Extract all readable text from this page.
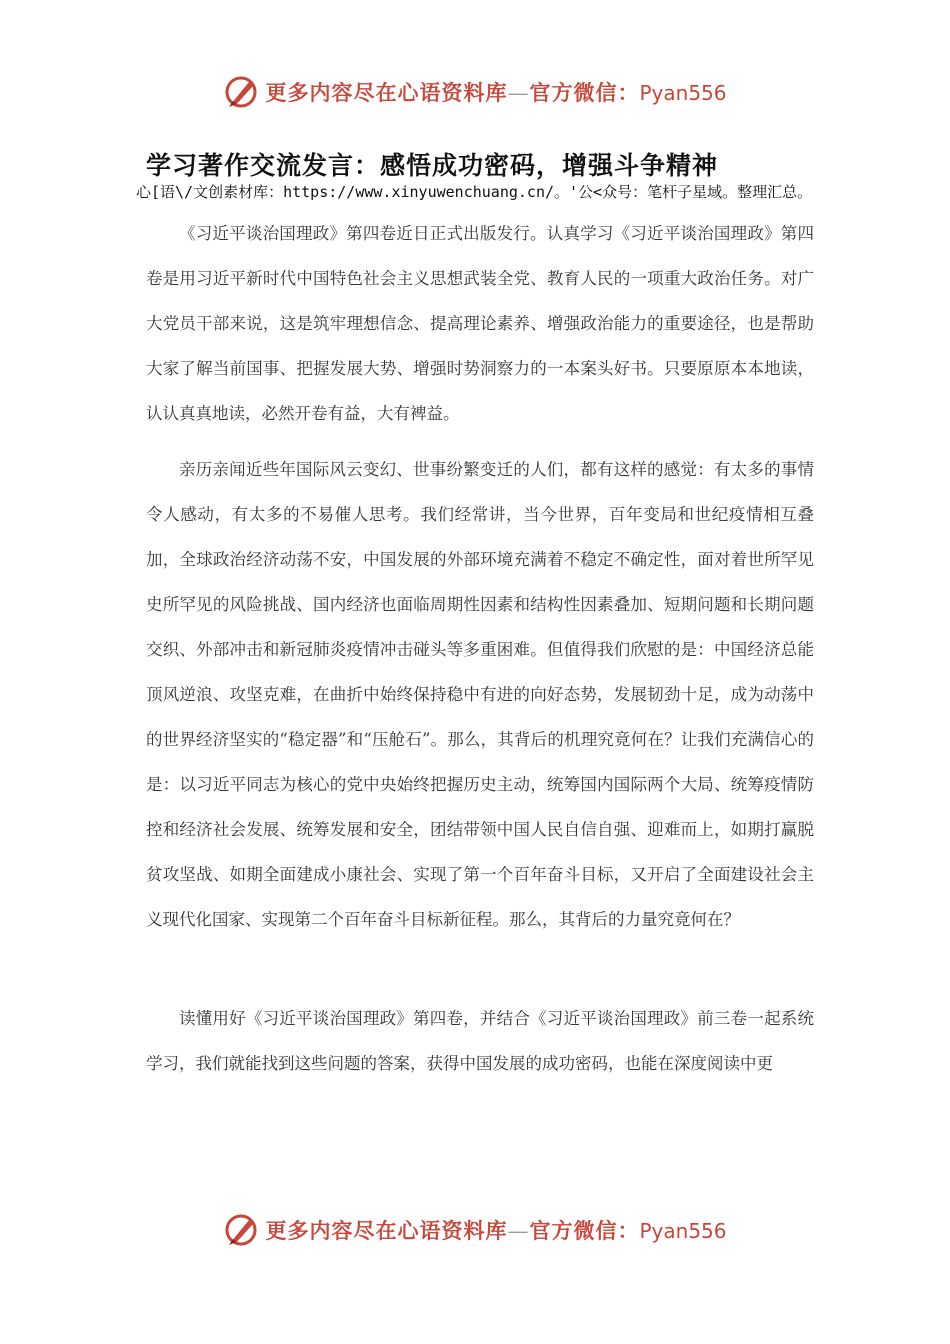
更多内容尽在心语资料库—官方微信：Pyan556
学习著作交流发言：感悟成功密码，增强斗争精神

心[语\/文创素材库：https://www.xinyuwenchuang.cn/。'公<众号：笔杆子星域。整理汇总。

《习近平谈治国理政》第四卷近日正式出版发行。认真学习《习近平谈治国理政》第四卷是用习近平新时代中国特色社会主义思想武装全党、教育人民的一项重大政治任务。对广大党员干部来说，这是筑牢理想信念、提高理论素养、增强政治能力的重要途径，也是帮助大家了解当前国事、把握发展大势、增强时势洞察力的一本案头好书。只要原原本本地读，认认真真地读，必然开卷有益，大有裨益。

亲历亲闻近些年国际风云变幻、世事纷繁变迁的人们，都有这样的感觉：有太多的事情令人感动，有太多的不易催人思考。我们经常讲，当今世界，百年变局和世纪疫情相互叠加，全球政治经济动荡不安，中国发展的外部环境充满着不稳定不确定性，面对着世所罕见史所罕见的风险挑战、国内经济也面临周期性因素和结构性因素叠加、短期问题和长期问题交织、外部冲击和新冠肺炎疫情冲击碰头等多重困难。但值得我们欣慰的是：中国经济总能顶风逆浪、攻坚克难，在曲折中始终保持稳中有进的向好态势，发展韧劲十足，成为动荡中的世界经济坚实的“稳定器”和“压舱石”。那么，其背后的机理究竟何在？让我们充满信心的是：以习近平同志为核心的党中央始终把握历史主动，统筹国内国际两个大局、统筹疫情防控和经济社会发展、统筹发展和安全，团结带领中国人民自信自强、迎难而上，如期打赢脱贫攻坚战、如期全面建成小康社会、实现了第一个百年奋斗目标，又开启了全面建设社会主义现代化国家、实现第二个百年奋斗目标新征程。那么，其背后的力量究竟何在？

读懂用好《习近平谈治国理政》第四卷，并结合《习近平谈治国理政》前三卷一起系统学习，我们就能找到这些问题的答案，获得中国发展的成功密码，也能在深度阅读中更

更多内容尽在心语资料库—官方微信：Pyan556
